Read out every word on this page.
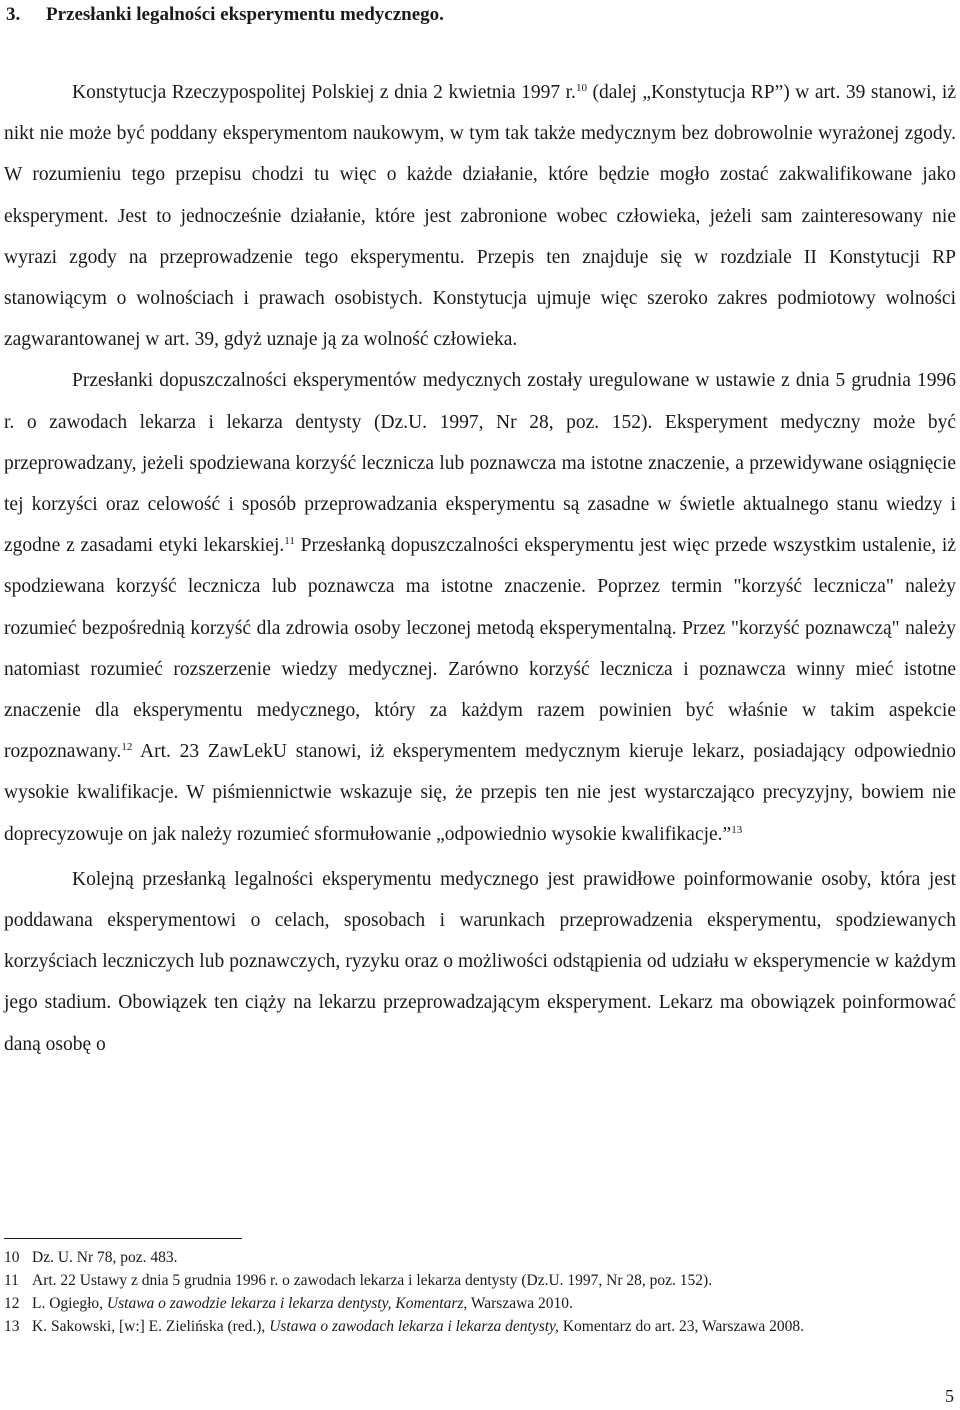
3. Przesłanki legalności eksperymentu medycznego.

Konstytucja Rzeczypospolitej Polskiej z dnia 2 kwietnia 1997 r.$^{10}$ (dalej „Konstytucja RP”) w art. 39 stanowi, iż nikt nie może być poddany eksperymentom naukowym, w tym tak także medycznym bez dobrowolnie wyrażonej zgody. W rozumieniu tego przepisu chodzi tu więc o każde działanie, które będzie mogło zostać zakwalifikowane jako eksperyment. Jest to jednocześnie działanie, które jest zabronione wobec człowieka, jeżeli sam zainteresowany nie wyrazi zgody na przeprowadzenie tego eksperymentu. Przepis ten znajduje się w rozdziale II Konstytucji RP stanowiącym o wolnościach i prawach osobistych. Konstytucja ujmuje więc szeroko zakres podmiotowy wolności zagwarantowanej w art. 39, gdyż uznaje ją za wolność człowieka.

Przesłanki dopuszczalności eksperymentów medycznych zostały uregulowane w ustawie z dnia 5 grudnia 1996 r. o zawodach lekarza i lekarza dentysty (Dz.U. 1997, Nr 28, poz. 152). Eksperyment medyczny może być przeprowadzany, jeżeli spodziewana korzyść lecznicza lub poznawcza ma istotne znaczenie, a przewidywane osiągnięcie tej korzyści oraz celowość i sposób przeprowadzania eksperymentu są zasadne w świetle aktualnego stanu wiedzy i zgodne z zasadami etyki lekarskiej.$^{11}$ Przesłanką dopuszczalności eksperymentu jest więc przede wszystkim ustalenie, iż spodziewana korzyść lecznicza lub poznawcza ma istotne znaczenie. Poprzez termin "korzyść lecznicza" należy rozumieć bezpośrednią korzyść dla zdrowia osoby leczonej metodą eksperymentalną. Przez "korzyść poznawczą" należy natomiast rozumieć rozszerzenie wiedzy medycznej. Zarówno korzyść lecznicza i poznawcza winny mieć istotne znaczenie dla eksperymentu medycznego, który za każdym razem powinien być właśnie w takim aspekcie rozpoznawany.$^{12}$ Art. 23 ZawLekU stanowi, iż eksperymentem medycznym kieruje lekarz, posiadający odpowiednio wysokie kwalifikacje. W piśmiennictwie wskazuje się, że przepis ten nie jest wystarczająco precyzyjny, bowiem nie doprecyzowuje on jak należy rozumieć sformułowanie „odpowiednio wysokie kwalifikacje.”$^{13}$

Kolejną przesłanką legalności eksperymentu medycznego jest prawidłowe poinformowanie osoby, która jest poddawana eksperymentowi o celach, sposobach i warunkach przeprowadzenia eksperymentu, spodziewanych korzyściach leczniczych lub poznawczych, ryzyku oraz o możliwości odstąpienia od udziału w eksperymencie w każdym jego stadium. Obowiązek ten ciąży na lekarzu przeprowadzającym eksperyment. Lekarz ma obowiązek poinformować daną osobę o

10 Dz. U. Nr 78, poz. 483.
11 Art. 22 Ustawy z dnia 5 grudnia 1996 r. o zawodach lekarza i lekarza dentysty (Dz.U. 1997, Nr 28, poz. 152).
12 L. Ogiegło, Ustawa o zawodzie lekarza i lekarza dentysty, Komentarz, Warszawa 2010.
13 K. Sakowski, [w:] E. Zielińska (red.), Ustawa o zawodach lekarza i lekarza dentysty, Komentarz do art. 23, Warszawa 2008.
5
